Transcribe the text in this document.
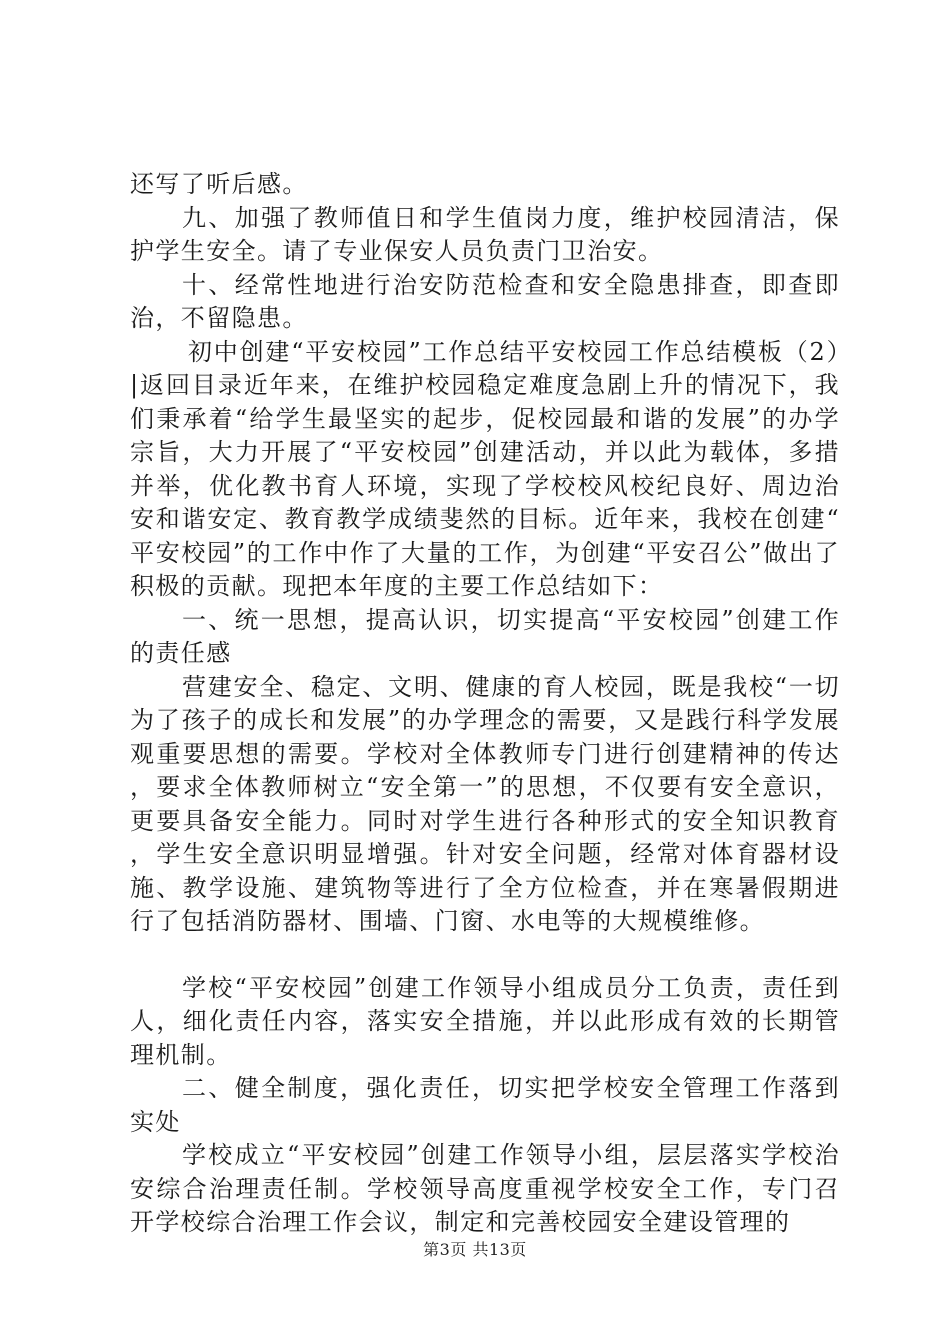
还写了听后感。

九、加强了教师值日和学生值岗力度，维护校园清洁，保护学生安全。请了专业保安人员负责门卫治安。

十、经常性地进行治安防范检查和安全隐患排查，即查即治，不留隐患。

初中创建“平安校园”工作总结平安校园工作总结模板（2）|返回目录近年来，在维护校园稳定难度急剧上升的情况下，我们秉承着“给学生最坚实的起步，促校园最和谐的发展”的办学宗旨，大力开展了“平安校园”创建活动，并以此为载体，多措并举，优化教书育人环境，实现了学校校风校纪良好、周边治安和谐安定、教育教学成绩斐然的目标。近年来，我校在创建“平安校园”的工作中作了大量的工作，为创建“平安召公”做出了积极的贡献。现把本年度的主要工作总结如下：

一、统一思想，提高认识，切实提高“平安校园”创建工作的责任感

营建安全、稳定、文明、健康的育人校园，既是我校“一切为了孩子的成长和发展”的办学理念的需要，又是践行科学发展观重要思想的需要。学校对全体教师专门进行创建精神的传达，要求全体教师树立“安全第一”的思想，不仅要有安全意识，更要具备安全能力。同时对学生进行各种形式的安全知识教育，学生安全意识明显增强。针对安全问题，经常对体育器材设施、教学设施、建筑物等进行了全方位检查，并在寒暑假期进行了包括消防器材、围墙、门窗、水电等的大规模维修。

学校“平安校园”创建工作领导小组成员分工负责，责任到人，细化责任内容，落实安全措施，并以此形成有效的长期管理机制。

二、健全制度，强化责任，切实把学校安全管理工作落到实处

学校成立“平安校园”创建工作领导小组，层层落实学校治安综合治理责任制。学校领导高度重视学校安全工作，专门召开学校综合治理工作会议，制定和完善校园安全建设管理的

第3页 共13页
